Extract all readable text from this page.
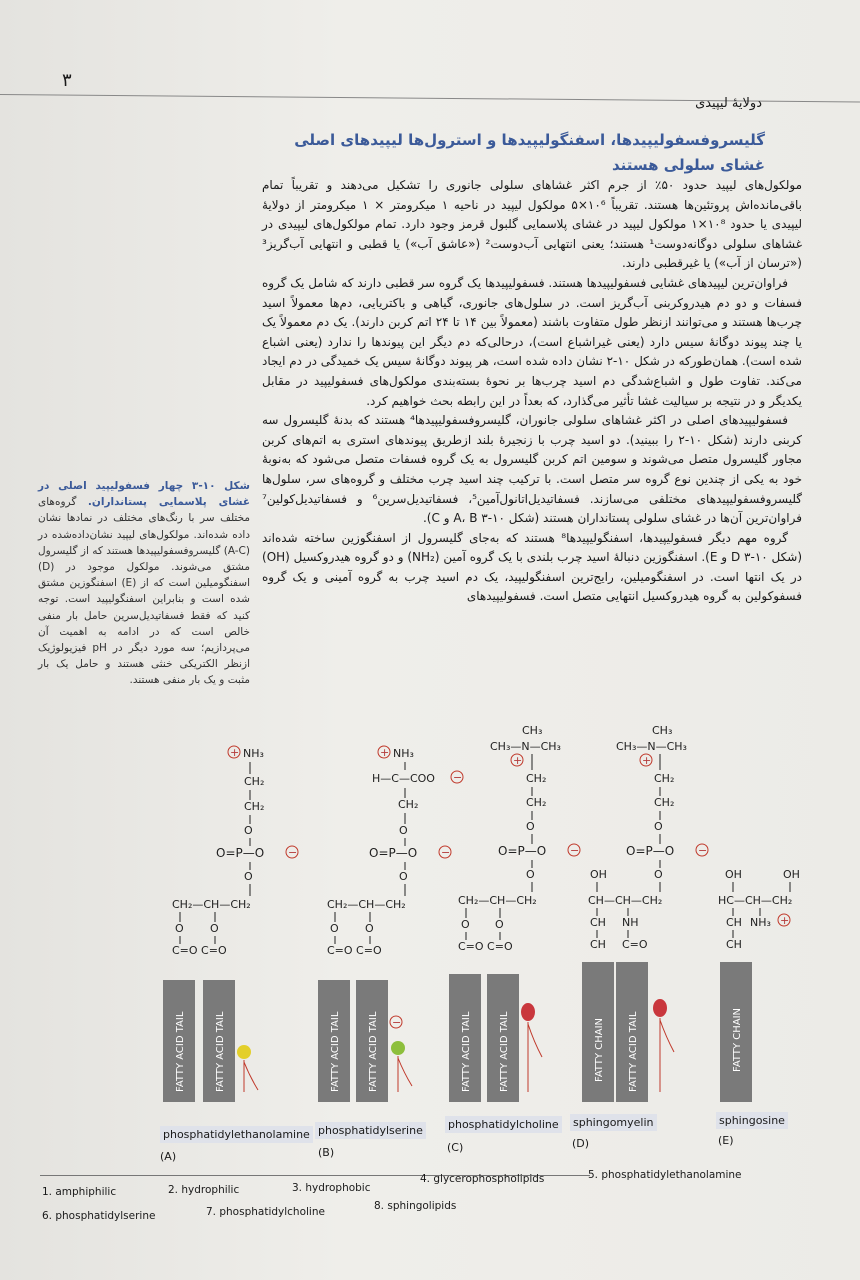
۳
دولایهٔ لیپیدی
گلیسروفسفولیپیدها، اسفنگولیپیدها و استرول‌ها لیپیدهای اصلی غشای سلولی هستند

مولکول‌های لیپید حدود ۵۰٪ از جرم اکثر غشاهای سلولی جانوری را تشکیل می‌دهند و تقریباً تمام باقی‌مانده‌اش پروتئین‌ها هستند. تقریباً ۱۰⁶×۵ مولکول لیپید در ناحیه ۱ میکرومتر × ۱ میکرومتر از دولایهٔ لیپیدی یا حدود ۱۰⁸×۱ مولکول لیپید در غشای پلاسمایی گلبول قرمز وجود دارد. تمام مولکول‌های لیپیدی در غشاهای سلولی دوگانه‌دوست¹ هستند؛ یعنی انتهایی آب‌دوست² («عاشق آب») یا قطبی و انتهایی آب‌گریز³ («ترسان از آب») یا غیرقطبی دارند.

فراوان‌ترین لیپیدهای غشایی فسفولیپیدها هستند. فسفولیپیدها یک گروه سر قطبی دارند که شامل یک گروه فسفات و دو دم هیدروکربنی آب‌گریز است. در سلول‌های جانوری، گیاهی و باکتریایی، دم‌ها معمولاً اسید چرب‌ها هستند و می‌توانند ازنظر طول متفاوت باشند (معمولاً بین ۱۴ تا ۲۴ اتم کربن دارند). یک دم معمولاً یک یا چند پیوند دوگانهٔ سیس دارد (یعنی غیراشباع است)، درحالی‌که دم دیگر این پیوندها را ندارد (یعنی اشباع شده است). همان‌طورکه در شکل ۱۰-۲ نشان داده شده است، هر پیوند دوگانهٔ سیس یک خمیدگی در دم ایجاد می‌کند. تفاوت طول و اشباع‌شدگی دم اسید چرب‌ها بر نحوهٔ بسته‌بندی مولکول‌های فسفولیپید در مقابل یکدیگر و در نتیجه بر سیالیت غشا تأثیر می‌گذارد، که بعداً در این رابطه بحث خواهیم کرد.

فسفولیپیدهای اصلی در اکثر غشاهای سلولی جانوران، گلیسروفسفولیپیدها⁴ هستند که بدنهٔ گلیسرول سه کربنی دارند (شکل ۱۰-۲ را ببینید). دو اسید چرب با زنجیرهٔ بلند ازطریق پیوندهای استری به اتم‌های کربن مجاور گلیسرول متصل می‌شوند و سومین اتم کربن گلیسرول به یک گروه فسفات متصل می‌شود که به‌نوبهٔ خود به یکی از چندین نوع گروه سر متصل است. با ترکیب چند اسید چرب مختلف و گروه‌های سر، سلول‌ها گلیسروفسفولیپیدهای مختلفی می‌سازند. فسفاتیدیل‌اتانول‌آمین⁵، فسفاتیدیل‌سرین⁶ و فسفاتیدیل‌کولین⁷ فراوان‌ترین آن‌ها در غشای سلولی پستانداران هستند (شکل ۱۰-۳ A، B و C).

گروه مهم دیگر فسفولیپیدها، اسفنگولیپیدها⁸ هستند که به‌جای گلیسرول از اسفنگوزین ساخته شده‌اند (شکل ۱۰-۳ D و E). اسفنگوزین دنبالهٔ اسید چرب بلندی با یک گروه آمین (NH₂) و دو گروه هیدروکسیل (OH) در یک انتها است. در اسفنگومیلین، رایج‌ترین اسفنگولیپید، یک دم اسید چرب به گروه آمینی و یک گروه فسفوکولین به گروه هیدروکسیل انتهایی متصل است. فسفولیپیدهای

شکل ۱۰-۳ چهار فسفولیپید اصلی در غشای پلاسمایی پستانداران. گروه‌های مختلف سر با رنگ‌های مختلف در نمادها نشان داده شده‌اند. مولکول‌های لیپید نشان‌داده‌شده در (A-C) گلیسروفسفولیپیدها هستند که از گلیسرول مشتق می‌شوند. مولکول موجود در (D) اسفنگومیلین است که از (E) اسفنگوزین مشتق شده است و بنابراین اسفنگولیپید است. توجه کنید که فقط فسفاتیدیل‌سرین حامل بار منفی خالص است که در ادامه به اهمیت آن می‌پردازیم؛ سه مورد دیگر در pH فیزیولوژیک ازنظر الکتریکی خنثی هستند و حامل یک بار مثبت و یک بار منفی هستند.
+ NH₃
CH₂
CH₂
O
O=P—O −
O
CH₂—CH—CH₂
O O
C=O C=O
+ NH₃
H—C—COO −
CH₂
O
O=P—O −
O
CH₂—CH—CH₂
O O
C=O C=O
−
CH₃
CH₃—N—CH₃
+
CH₂
CH₂
O
O=P—O −
O
CH₂—CH—CH₂
O O
C=O C=O
CH₃
CH₃—N—CH₃
+
CH₂
CH₂
O
O=P—O −
O
OH
CH—CH—CH₂
CH NH
CH C=O
OH	OH
HC—CH—CH₂
CH NH₃ +
CH
FATTY ACID TAIL	FATTY ACID TAIL	FATTY ACID TAIL	FATTY ACID TAIL	FATTY ACID TAIL	FATTY ACID TAIL	FATTY CHAIN FATTY ACID TAIL	FATTY CHAIN
phosphatidylethanolamine
(A)
phosphatidylserine
(B)
phosphatidylcholine
(C)
sphingomyelin
(D)
sphingosine
(E)
1. amphiphilic	2. hydrophilic	3. hydrophobic
4. glycerophospholipids	5. phosphatidylethanolamine
6. phosphatidylserine	7. phosphatidylcholine	8. sphingolipids
